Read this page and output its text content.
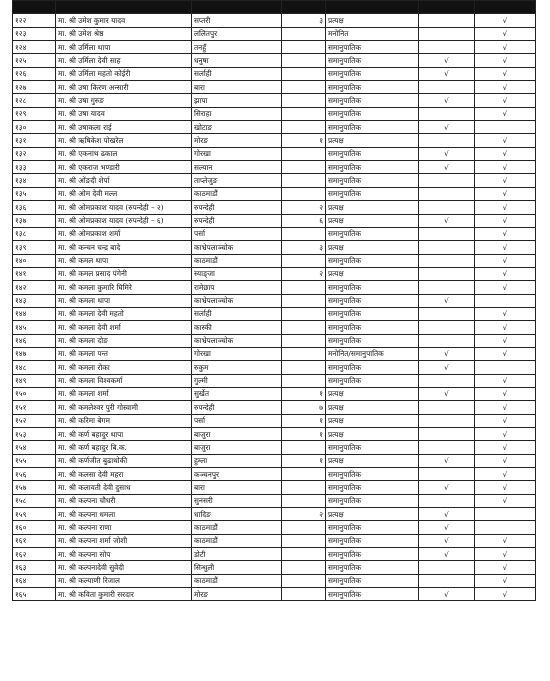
१२२	मा. श्री उमेश कुमार यादव	सप्तरी	३	प्रत्यक्ष		√
१२३	मा. श्री उमेश श्रेष्ठ	ललितपुर		मनोनित		√
१२४	मा. श्री उर्मिला थापा	तनहुँ		समानुपातिक		√
१२५	मा. श्री उर्मिला देवी साह	धनुषा		समानुपातिक	√	√
१२६	मा. श्री उर्मिला महतो कोईरी	सर्लाही		समानुपातिक	√	√
१२७	मा. श्री उषा किरण अन्सारी	बारा		समानुपातिक		√
१२८	मा. श्री उषा गुरुङ	झापा		समानुपातिक	√	√
१२९	मा. श्री उषा यादव	सिराहा		समानुपातिक		√
१३०	मा. श्री उषाकला राई	खोटाङ		समानुपातिक	√	
१३१	मा. श्री ऋषिकेश पोखरेल	मोरङ	१	प्रत्यक्ष		√
१३२	मा. श्री एकनाथ ढकाल	गोरखा		समानुपातिक	√	√
१३३	मा. श्री एकराज भण्डारी	सल्यान		समानुपातिक	√	√
१३४	मा. श्री ओंङदी शेर्पा	ताप्लेजुङ		समानुपातिक		√
१३५	मा. श्री ओम देवी मल्ल	काठमाडौं		समानुपातिक		√
१३६	मा. श्री ओमप्रकाश यादव (रुपन्देही – २)	रुपन्देही	२	प्रत्यक्ष		√
१३७	मा. श्री ओमप्रकाश यादव (रुपन्देही – ६)	रुपन्देही	६	प्रत्यक्ष	√	√
१३८	मा. श्री ओमप्रकाश शर्मा	पर्सा		समानुपातिक		√
१३९	मा. श्री कन्चन चन्द्र बादे	काभ्रेपलाञ्चोक	३	प्रत्यक्ष		√
१४०	मा. श्री कमल थापा	काठमाडौं		समानुपातिक		√
१४१	मा. श्री कमल प्रसाद पंगेनी	स्याङ्जा	२	प्रत्यक्ष		√
१४२	मा. श्री कमला कुमारि घिमिरे	रामेछाप		समानुपातिक		√
१४३	मा. श्री कमला थापा	काभ्रेपलाञ्चोक		समानुपातिक	√	
१४४	मा. श्री कमला देवी महतो	सर्लाही		समानुपातिक		√
१४५	मा. श्री कमला देवी शर्मा	कास्की		समानुपातिक		√
१४६	मा. श्री कमला दोङ	काभ्रेपलाञ्चोक		समानुपातिक		√
१४७	मा. श्री कमला पन्त	गोरखा		मनोनित/समानुपातिक	√	√
१४८	मा. श्री कमला रोका	रुकुम		समानुपातिक	√	
१४९	मा. श्री कमला विश्वकर्मा	गुल्मी		समानुपातिक		√
१५०	मा. श्री कमला शर्मा	सुर्खेत	१	प्रत्यक्ष	√	√
१५१	मा. श्री कमलेश्वर पुरी गोस्वामी	रुपन्देही	७	प्रत्यक्ष		√
१५२	मा. श्री करिमा बेगम	पर्सा	१	प्रत्यक्ष		√
१५३	मा. श्री कर्ण बहादुर थापा	बाजुरा	१	प्रत्यक्ष		√
१५४	मा. श्री कर्ण बहादुर बि.क.	बाजुरा		समानुपातिक		√
१५५	मा. श्री कर्णजीत बुढाथोकी	हुम्ला	१	प्रत्यक्ष	√	√
१५६	मा. श्री कलसा देवी महरा	कञ्चनपुर		समानुपातिक		√
१५७	मा. श्री कलावती देवी दुसाध	बारा		समानुपातिक	√	√
१५८	मा. श्री कल्पना चौधरी	सुनसरी		समानुपातिक		√
१५९	मा. श्री कल्पना धमला	धादिङ	२	प्रत्यक्ष	√	
१६०	मा. श्री कल्पना राणा	काठमाडौं		समानुपातिक	√	
१६१	मा. श्री कल्पना शर्मा जोशी	काठमाडौं		समानुपातिक	√	√
१६२	मा. श्री कल्पना सोप	डोटी		समानुपातिक	√	√
१६३	मा. श्री कल्पनादेवी सुवेदी	सिन्धुली		समानुपातिक		√
१६४	मा. श्री कल्याणी रिजाल	काठमाडौं		समानुपातिक		√
१६५	मा. श्री कविता कुमारी सरदार	मोरङ		समानुपातिक	√	√
